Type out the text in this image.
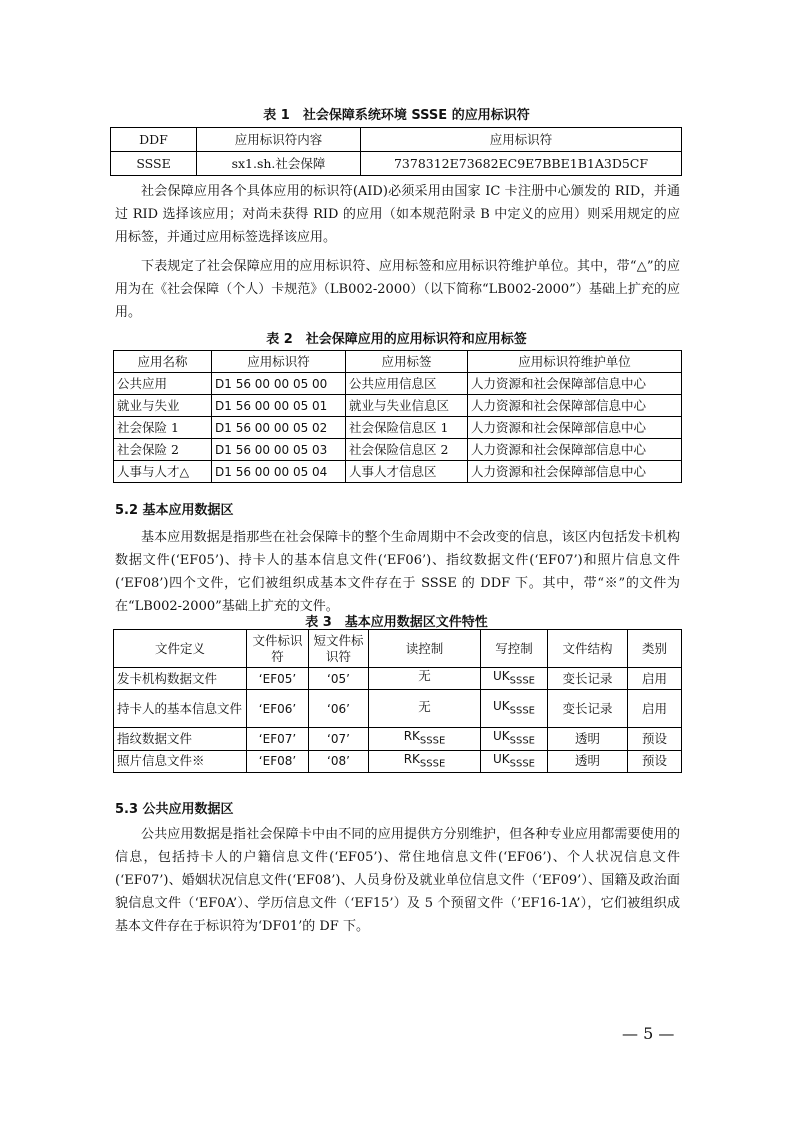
表 1　社会保障系统环境 SSSE 的应用标识符
DDF	应用标识符内容	应用标识符
SSSE	sx1.sh.社会保障	7378312E73682EC9E7BBE1B1A3D5CF
社会保障应用各个具体应用的标识符(AID)必须采用由国家 IC 卡注册中心颁发的 RID，并通过 RID 选择该应用；对尚未获得 RID 的应用（如本规范附录 B 中定义的应用）则采用规定的应用标签，并通过应用标签选择该应用。
下表规定了社会保障应用的应用标识符、应用标签和应用标识符维护单位。其中，带“△”的应用为在《社会保障（个人）卡规范》（LB002-2000）（以下简称“LB002-2000”）基础上扩充的应用。
表 2　社会保障应用的应用标识符和应用标签
应用名称	应用标识符	应用标签	应用标识符维护单位
公共应用	D1 56 00 00 05 00	公共应用信息区	人力资源和社会保障部信息中心
就业与失业	D1 56 00 00 05 01	就业与失业信息区	人力资源和社会保障部信息中心
社会保险 1	D1 56 00 00 05 02	社会保险信息区 1	人力资源和社会保障部信息中心
社会保险 2	D1 56 00 00 05 03	社会保险信息区 2	人力资源和社会保障部信息中心
人事与人才△	D1 56 00 00 05 04	人事人才信息区	人力资源和社会保障部信息中心
5.2 基本应用数据区
基本应用数据是指那些在社会保障卡的整个生命周期中不会改变的信息，该区内包括发卡机构数据文件(‘EF05’)、持卡人的基本信息文件(‘EF06’)、指纹数据文件(‘EF07’)和照片信息文件(‘EF08’)四个文件，它们被组织成基本文件存在于 SSSE 的 DDF 下。其中，带“※”的文件为在“LB002-2000”基础上扩充的文件。
表 3　基本应用数据区文件特性
文件定义	文件标识符	短文件标识符	读控制	写控制	文件结构	类别
发卡机构数据文件	‘EF05’	‘05’	无	$UK_{SSSE}$	变长记录	启用
持卡人的基本信息文件	‘EF06’	‘06’	无	$UK_{SSSE}$	变长记录	启用
指纹数据文件	‘EF07’	‘07’	$RK_{SSSE}$	$UK_{SSSE}$	透明	预设
照片信息文件※	‘EF08’	‘08’	$RK_{SSSE}$	$UK_{SSSE}$	透明	预设
5.3 公共应用数据区
公共应用数据是指社会保障卡中由不同的应用提供方分别维护，但各种专业应用都需要使用的信息，包括持卡人的户籍信息文件(‘EF05’)、常住地信息文件(‘EF06’)、个人状况信息文件(‘EF07’)、婚姻状况信息文件(‘EF08’)、人员身份及就业单位信息文件（‘EF09’）、国籍及政治面貌信息文件（‘EF0A’）、学历信息文件（‘EF15’）及 5 个预留文件（’EF16-1A’），它们被组织成基本文件存在于标识符为‘DF01’的 DF 下。
— 5 —
